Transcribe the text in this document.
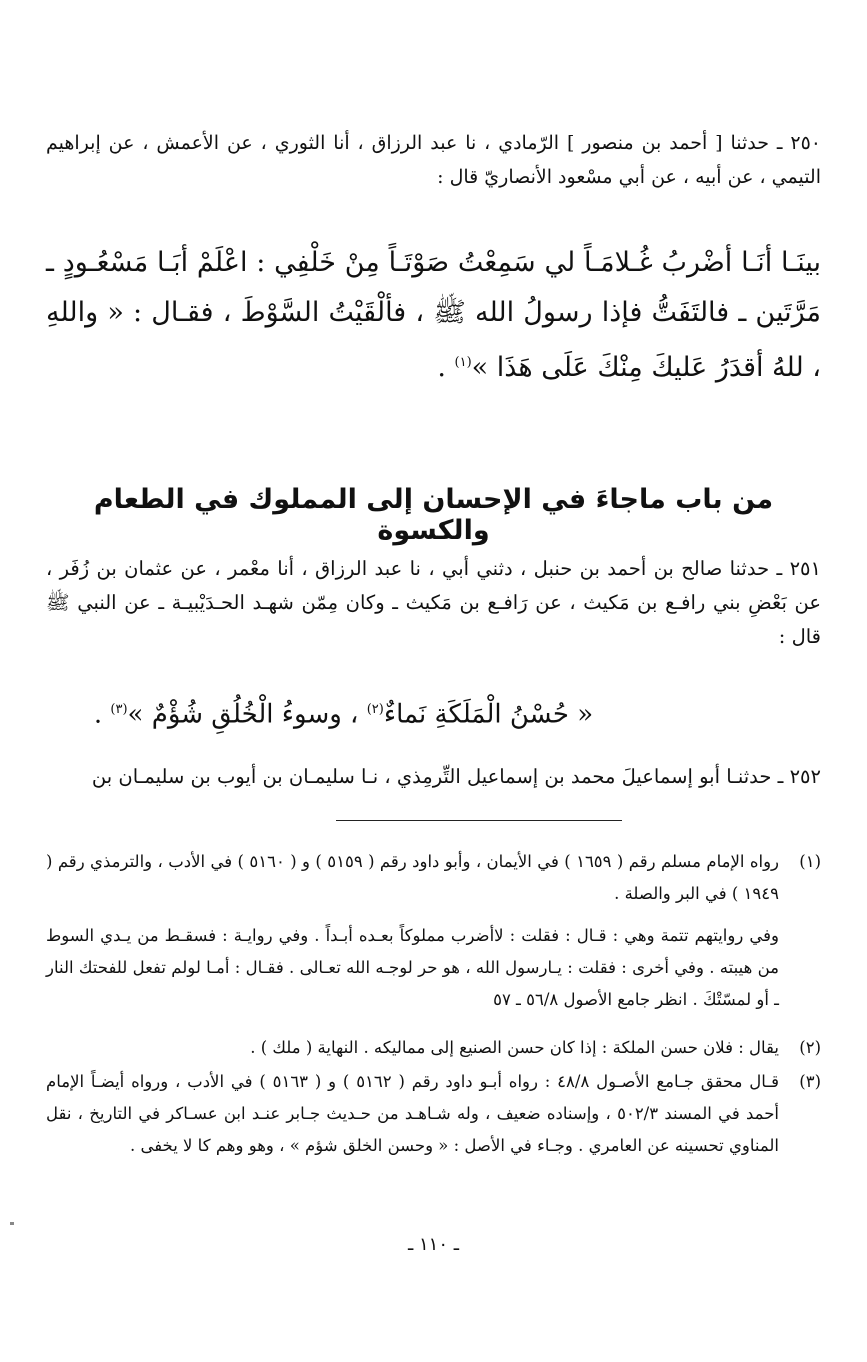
٢٥٠ ـ حدثنا [ أحمد بن منصور ] الرّمادي ، نا عبد الرزاق ، أنا الثوري ، عن الأعمش ، عن إبراهيم التيمي ، عن أبيه ، عن أبي مسْعود الأنصاريّ قال :

بينَـا أنَـا أضْربُ غُـلامَـاً لي سَمِعْتُ صَوْتَـاً مِنْ خَلْفِي : اعْلَمْ أبَـا مَسْعُـودٍ ـ مَرَّتَين ـ فالتَفَتُّ فإذا رسولُ الله ﷺ ، فألْقَيْتُ السَّوْطَ ، فقـال : « واللهِ ، للهُ أقدَرُ عَليكَ مِنْكَ عَلَى هَذَا »$^{(١)}$ .

من باب ماجاءَ في الإحسان إلى المملوك في الطعام والكسوة

٢٥١ ـ حدثنا صالح بن أحمد بن حنبل ، دثني أبي ، نا عبد الرزاق ، أنا معْمر ، عن عثمان بن زُفَر ، عن بَعْضِ بني رافـع بن مَكيث ، عن رَافـع بن مَكيث ـ وكان مِمّن شهـد الحـدَيْبيـة ـ عن النبي ﷺ قال :

« حُسْنُ الْمَلَكَةِ نَماءٌ$^{(٢)}$ ، وسوءُ الْخُلُقِ شُؤْمٌ »$^{(٣)}$ .

٢٥٢ ـ حدثنـا أبو إسماعيلَ محمد بن إسماعيل التِّرمِذي ، نـا سليمـان بن أيوب بن سليمـان بن

(١)
رواه الإمام مسلم رقم ( ١٦٥٩ ) في الأيمان ، وأبو داود رقم ( ٥١٥٩ ) و ( ٥١٦٠ ) في الأدب ، والترمذي رقم ( ١٩٤٩ ) في البر والصلة .
وفي روايتهم تتمة وهي : قـال : فقلت : لاأضرب مملوكاً بعـده أبـداً . وفي روايـة : فسقـط من يـدي السوط من هيبته . وفي أخرى : فقلت : يـارسول الله ، هو حر لوجـه الله تعـالى . فقـال : أمـا لولم تفعل للفحتك النار ـ أو لمسّتْكَ . انظر جامع الأصول ٥٦/٨ ـ ٥٧
(٢)
يقال : فلان حسن الملكة : إذا كان حسن الصنيع إلى مماليكه . النهاية ( ملك ) .
(٣)
قـال محقق جـامع الأصـول ٤٨/٨ : رواه أبـو داود رقم ( ٥١٦٢ ) و ( ٥١٦٣ ) في الأدب ، ورواه أيضـاً الإمام أحمد في المسند ٥٠٢/٣ ، وإسناده ضعيف ، وله شـاهـد من حـديث جـابر عنـد ابن عسـاكر في التاريخ ، نقل المناوي تحسينه عن العامري . وجـاء في الأصل : « وحسن الخلق شؤم » ، وهو وهم كا لا يخفى .
ـ ١١٠ ـ
